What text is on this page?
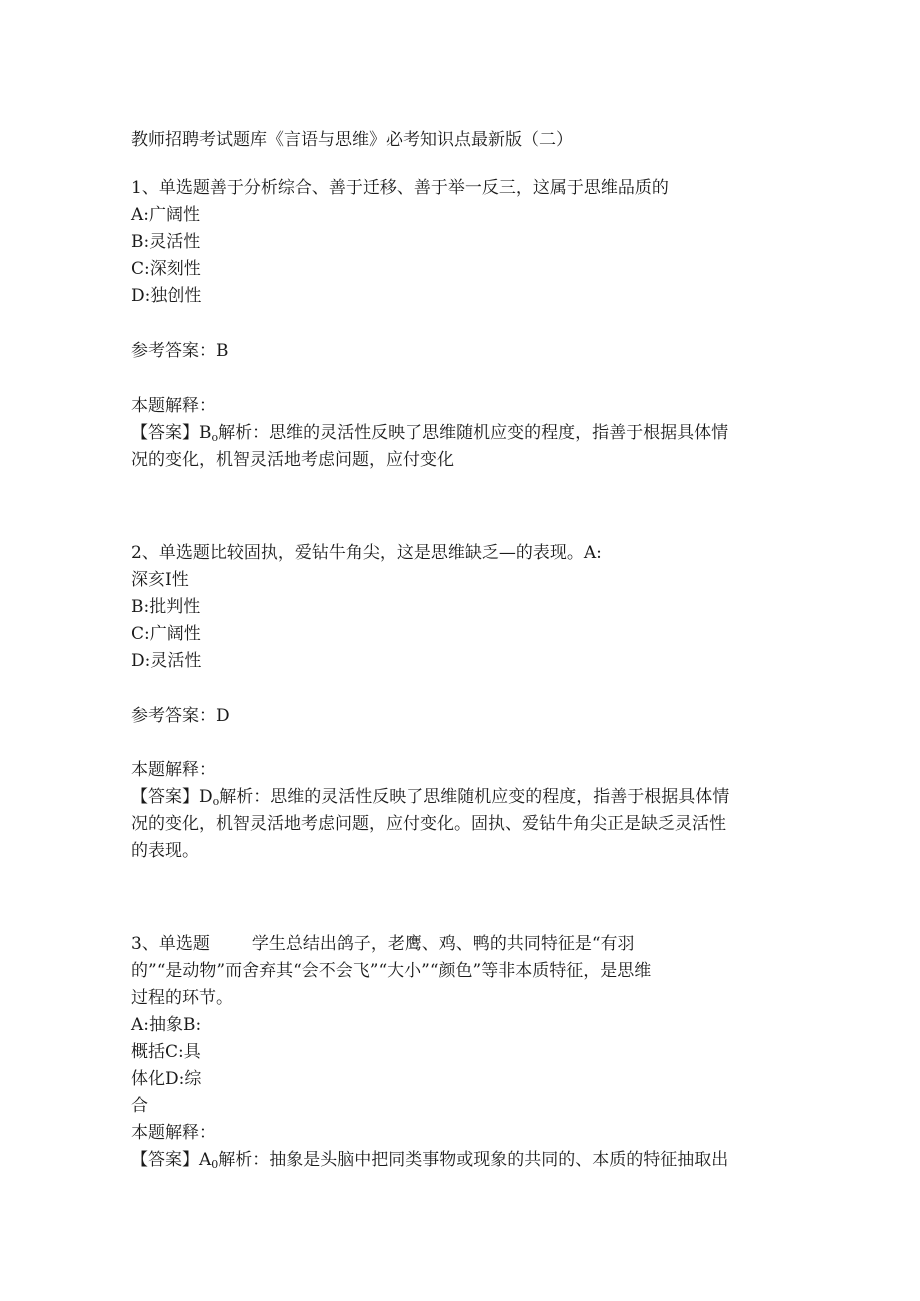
教师招聘考试题库《言语与思维》必考知识点最新版（二）
1、单选题善于分析综合、善于迁移、善于举一反三，这属于思维品质的
A:广阔性
B:灵活性
C:深刻性
D:独创性
参考答案：B
本题解释：
【答案】$B_o$解析：思维的灵活性反映了思维随机应变的程度，指善于根据具体情
况的变化，机智灵活地考虑问题，应付变化
2、单选题比较固执，爱钻牛角尖，这是思维缺乏—的表现。A:
深亥I性
B:批判性
C:广阔性
D:灵活性
参考答案：D
本题解释：
【答案】$D_o$解析：思维的灵活性反映了思维随机应变的程度，指善于根据具体情
况的变化，机智灵活地考虑问题，应付变化。固执、爱钻牛角尖正是缺乏灵活性
的表现。
3、单选题 学生总结出鸽子，老鹰、鸡、鸭的共同特征是“有羽
的”“是动物”而舍弃其“会不会飞”“大小”“颜色”等非本质特征，是思维
过程的环节。
A:抽象B:
概括C:具
体化D:综
合
本题解释：
【答案】$A_0$解析：抽象是头脑中把同类事物或现象的共同的、本质的特征抽取出
